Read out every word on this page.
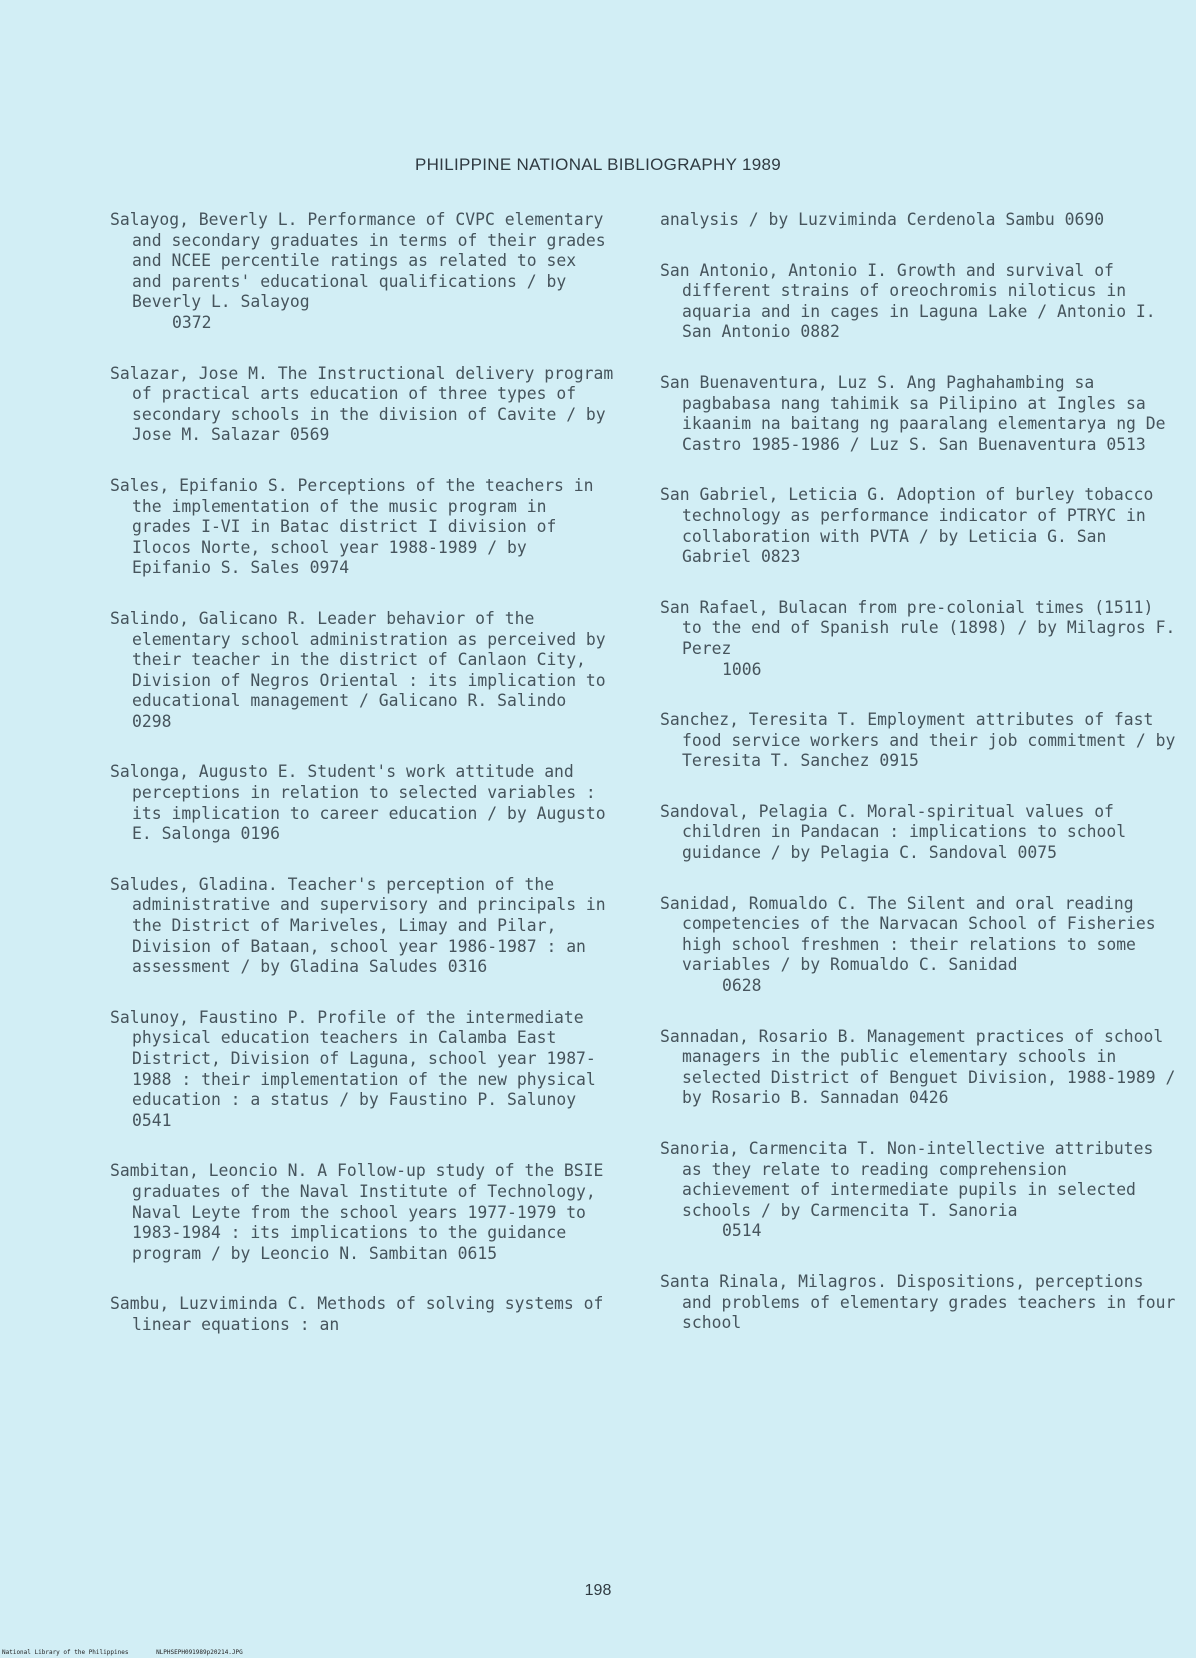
PHILIPPINE NATIONAL BIBLIOGRAPHY 1989

Salayog, Beverly L. Performance of CVPC elementary and secondary graduates in terms of their grades and NCEE percentile ratings as related to sex and parents' educational qualifications / by Beverly L. Salayog
0372

Salazar, Jose M. The Instructional delivery program of practical arts education of three types of secondary schools in the division of Cavite / by Jose M. Salazar 0569

Sales, Epifanio S. Perceptions of the teachers in the implementation of the music program in grades I-VI in Batac district I division of Ilocos Norte, school year 1988-1989 / by Epifanio S. Sales 0974

Salindo, Galicano R. Leader behavior of the elementary school administration as perceived by their teacher in the district of Canlaon City, Division of Negros Oriental : its implication to educational management / Galicano R. Salindo 0298

Salonga, Augusto E. Student's work attitude and perceptions in relation to selected variables : its implication to career education / by Augusto E. Salonga 0196

Saludes, Gladina. Teacher's perception of the administrative and supervisory and principals in the District of Mariveles, Limay and Pilar, Division of Bataan, school year 1986-1987 : an assessment / by Gladina Saludes 0316

Salunoy, Faustino P. Profile of the intermediate physical education teachers in Calamba East District, Division of Laguna, school year 1987-1988 : their implementation of the new physical education : a status / by Faustino P. Salunoy 0541

Sambitan, Leoncio N. A Follow-up study of the BSIE graduates of the Naval Institute of Technology, Naval Leyte from the school years 1977-1979 to 1983-1984 : its implications to the guidance program / by Leoncio N. Sambitan 0615

Sambu, Luzviminda C. Methods of solving systems of linear equations : an

analysis / by Luzviminda Cerdenola Sambu 0690

San Antonio, Antonio I. Growth and survival of different strains of oreochromis niloticus in aquaria and in cages in Laguna Lake / Antonio I. San Antonio 0882

San Buenaventura, Luz S. Ang Paghahambing sa pagbabasa nang tahimik sa Pilipino at Ingles sa ikaanim na baitang ng paaralang elementarya ng De Castro 1985-1986 / Luz S. San Buenaventura 0513

San Gabriel, Leticia G. Adoption of burley tobacco technology as performance indicator of PTRYC in collaboration with PVTA / by Leticia G. San Gabriel 0823

San Rafael, Bulacan from pre-colonial times (1511) to the end of Spanish rule (1898) / by Milagros F. Perez
1006

Sanchez, Teresita T. Employment attributes of fast food service workers and their job commitment / by Teresita T. Sanchez 0915

Sandoval, Pelagia C. Moral-spiritual values of children in Pandacan : implications to school guidance / by Pelagia C. Sandoval 0075

Sanidad, Romualdo C. The Silent and oral reading competencies of the Narvacan School of Fisheries high school freshmen : their relations to some variables / by Romualdo C. Sanidad
0628

Sannadan, Rosario B. Management practices of school managers in the public elementary schools in selected District of Benguet Division, 1988-1989 / by Rosario B. Sannadan 0426

Sanoria, Carmencita T. Non-intellective attributes as they relate to reading comprehension achievement of intermediate pupils in selected schools / by Carmencita T. Sanoria
0514

Santa Rinala, Milagros. Dispositions, perceptions and problems of elementary grades teachers in four school

198
National Library of the Philippines	NLPHSEPH091989p20214.JPG
